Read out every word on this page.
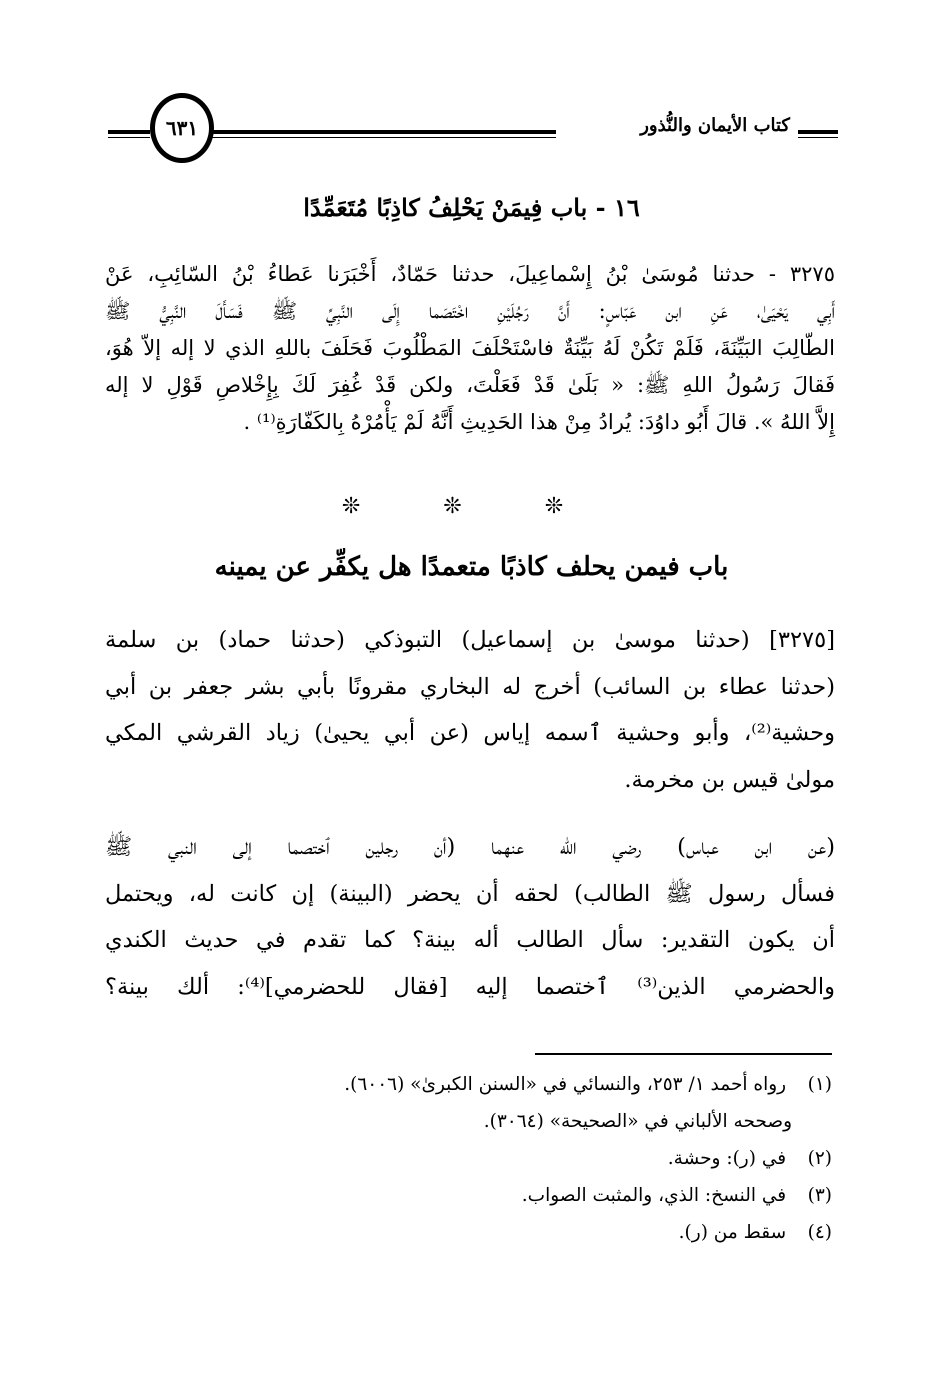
كتاب الأيمان والنُّذور
٦٣١
١٦ - باب فِيمَنْ يَحْلِفُ كاذِبًا مُتَعَمِّدًا
٣٢٧٥ - حدثنا مُوسَىٰ بْنُ إِسْماعِيلَ، حدثنا حَمّادٌ، أَخْبَرَنا عَطاءُ بْنُ السّائِبِ، عَنْ
أَبِي يَحْيَىٰ، عَنِ ابن عَبّاسٍ: أَنَّ رَجُلَيْنِ اخْتَصَما إِلَى النَّبِيِّ ﷺ فَسَأَلَ النَّبِيُّ ﷺ
الطّالِبَ البَيِّنَةَ، فَلَمْ تَكُنْ لَهُ بَيِّنَةٌ فاسْتَحْلَفَ المَطْلُوبَ فَحَلَفَ باللهِ الذي لا إله إلاّ هُوَ،
فَقالَ رَسُولُ اللهِ ﷺ: « بَلَىٰ قَدْ فَعَلْتَ، ولكن قَدْ غُفِرَ لَكَ بِإِخْلاصِ قَوْلِ لا إله
إِلاَّ اللهُ ». قالَ أَبُو داوُدَ: يُرادُ مِنْ هذا الحَدِيثِ أَنَّهُ لَمْ يَأْمُرْهُ بِالكَفّارَةِ⁽¹⁾ .
❊ ❊ ❊
باب فيمن يحلف كاذبًا متعمدًا هل يكفِّر عن يمينه
[٣٢٧٥] (حدثنا موسىٰ بن إسماعيل) التبوذكي (حدثنا حماد) بن سلمة
(حدثنا عطاء بن السائب) أخرج له البخاري مقرونًا بأبي بشر جعفر بن أبي
وحشية⁽²⁾، وأبو وحشية ٱسمه إياس (عن أبي يحيىٰ) زياد القرشي المكي
مولىٰ قيس بن مخرمة.
(عن ابن عباس) رضي الله عنهما (أن رجلين ٱختصما إلى النبي ﷺ
فسأل رسول ﷺ الطالب) لحقه أن يحضر (البينة) إن كانت له، ويحتمل
أن يكون التقدير: سأل الطالب أله بينة؟ كما تقدم في حديث الكندي
والحضرمي الذين⁽³⁾ ٱختصما إليه [فقال للحضرمي]⁽⁴⁾: ألك بينة؟
(١) رواه أحمد ١/ ٢٥٣، والنسائي في «السنن الكبرىٰ» (٦٠٠٦).
وصححه الألباني في «الصحيحة» (٣٠٦٤).
(٢) في (ر): وحشة.
(٣) في النسخ: الذي، والمثبت الصواب.
(٤) سقط من (ر).
